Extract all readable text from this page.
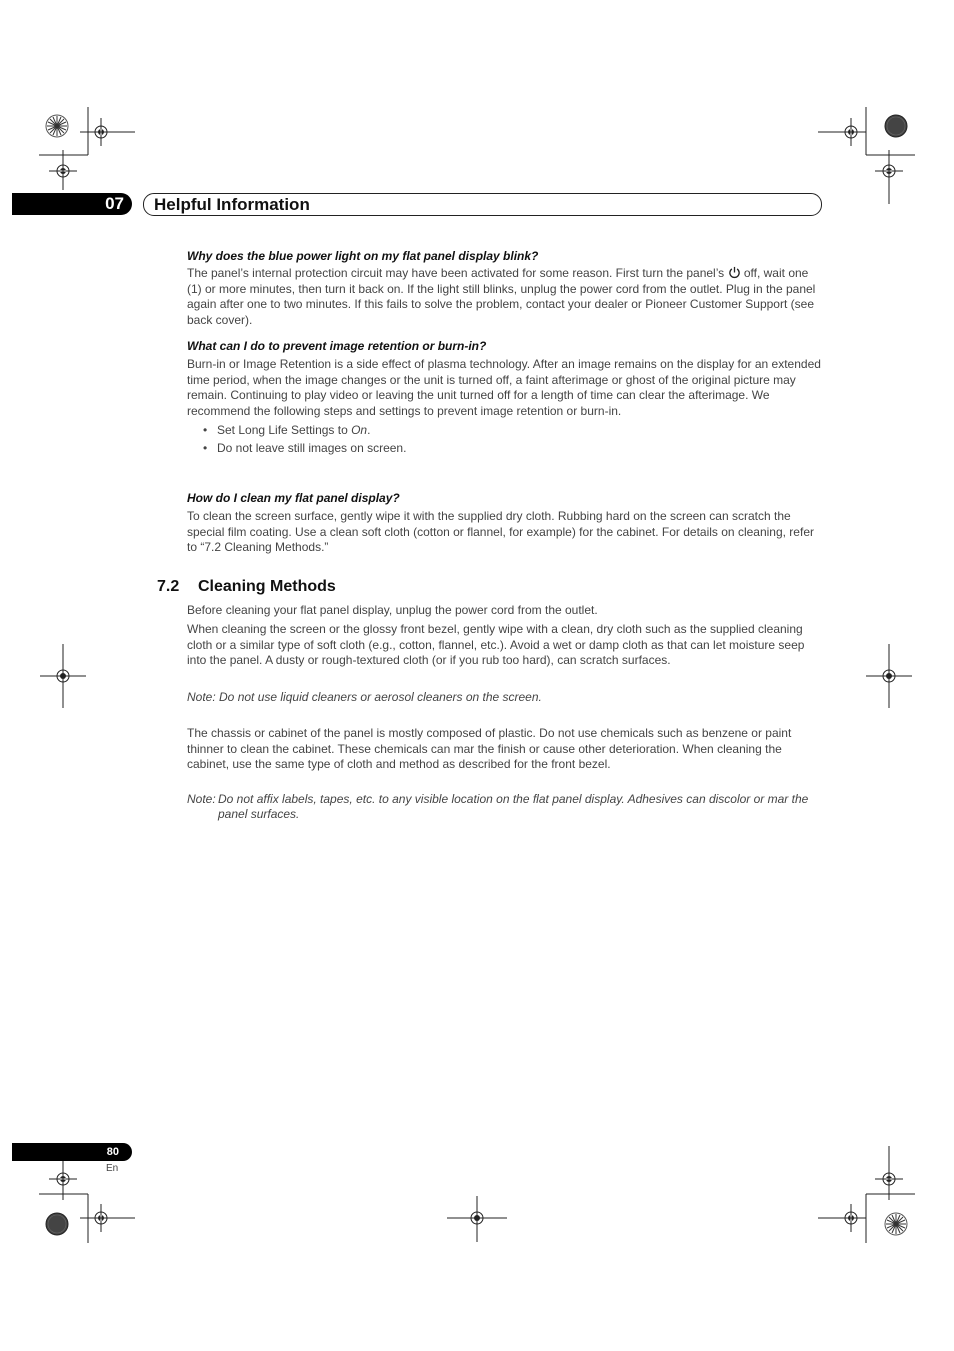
07 Helpful Information
Why does the blue power light on my flat panel display blink?
The panel’s internal protection circuit may have been activated for some reason. First turn the panel’s  off, wait one (1) or more minutes, then turn it back on. If the light still blinks, unplug the power cord from the outlet. Plug in the panel again after one to two minutes. If this fails to solve the problem, contact your dealer or Pioneer Customer Support (see back cover).
What can I do to prevent image retention or burn-in?
Burn-in or Image Retention is a side effect of plasma technology. After an image remains on the display for an extended time period, when the image changes or the unit is turned off, a faint afterimage or ghost of the original picture may remain. Continuing to play video or leaving the unit turned off for a length of time can clear the afterimage. We recommend the following steps and settings to prevent image retention or burn-in.
• Set Long Life Settings to On.
• Do not leave still images on screen.
How do I clean my flat panel display?
To clean the screen surface, gently wipe it with the supplied dry cloth. Rubbing hard on the screen can scratch the special film coating. Use a clean soft cloth (cotton or flannel, for example) for the cabinet. For details on cleaning, refer to “7.2 Cleaning Methods.”
7.2 Cleaning Methods
Before cleaning your flat panel display, unplug the power cord from the outlet.
When cleaning the screen or the glossy front bezel, gently wipe with a clean, dry cloth such as the supplied cleaning cloth or a similar type of soft cloth (e.g., cotton, flannel, etc.). Avoid a wet or damp cloth as that can let moisture seep into the panel. A dusty or rough-textured cloth (or if you rub too hard), can scratch surfaces.
Note: Do not use liquid cleaners or aerosol cleaners on the screen.
The chassis or cabinet of the panel is mostly composed of plastic. Do not use chemicals such as benzene or paint thinner to clean the cabinet. These chemicals can mar the finish or cause other deterioration. When cleaning the cabinet, use the same type of cloth and method as described for the front bezel.
Note: Do not affix labels, tapes, etc. to any visible location on the flat panel display. Adhesives can discolor or mar the panel surfaces.
80
En
